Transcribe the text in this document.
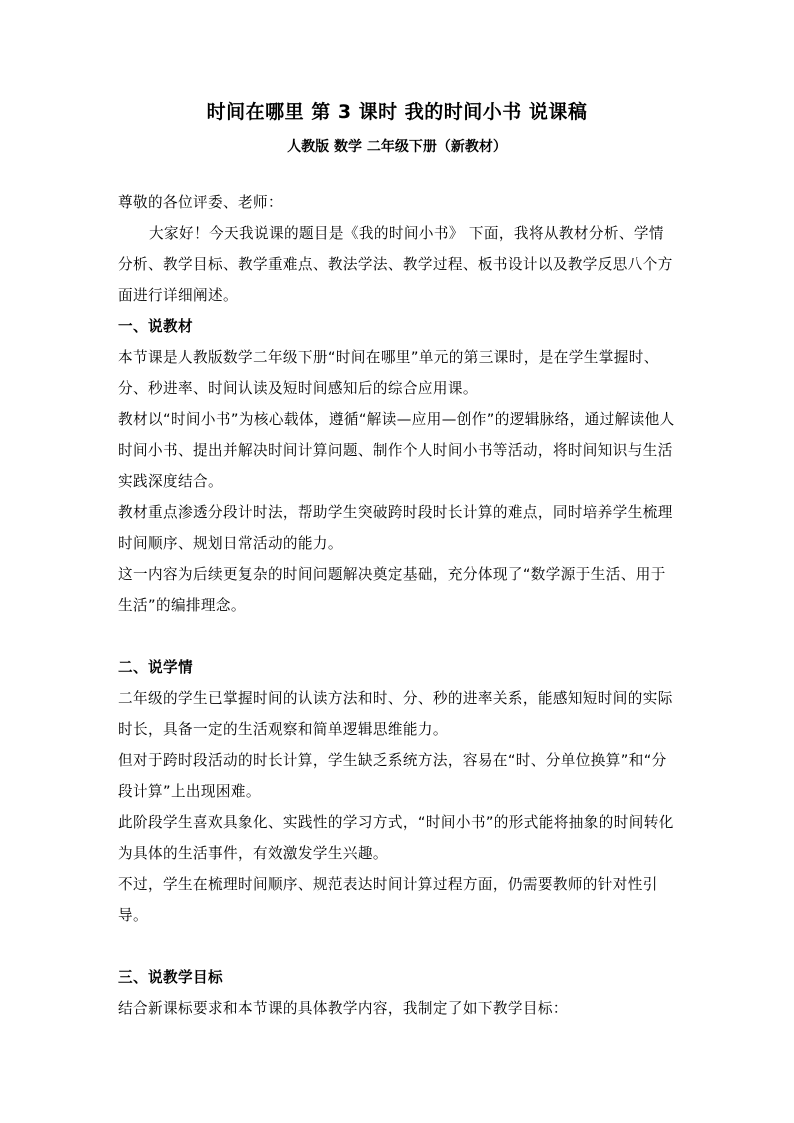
时间在哪里 第 3 课时 我的时间小书 说课稿
人教版 数学 二年级下册（新教材）

尊敬的各位评委、老师：

大家好！今天我说课的题目是《我的时间小书》 下面，我将从教材分析、学情分析、教学目标、教学重难点、教法学法、教学过程、板书设计以及教学反思八个方面进行详细阐述。

一、说教材

本节课是人教版数学二年级下册“时间在哪里”单元的第三课时，是在学生掌握时、分、秒进率、时间认读及短时间感知后的综合应用课。

教材以“时间小书”为核心载体，遵循“解读—应用—创作”的逻辑脉络，通过解读他人时间小书、提出并解决时间计算问题、制作个人时间小书等活动，将时间知识与生活实践深度结合。

教材重点渗透分段计时法，帮助学生突破跨时段时长计算的难点，同时培养学生梳理时间顺序、规划日常活动的能力。

这一内容为后续更复杂的时间问题解决奠定基础，充分体现了“数学源于生活、用于生活”的编排理念。

二、说学情

二年级的学生已掌握时间的认读方法和时、分、秒的进率关系，能感知短时间的实际时长，具备一定的生活观察和简单逻辑思维能力。

但对于跨时段活动的时长计算，学生缺乏系统方法，容易在“时、分单位换算”和“分段计算”上出现困难。

此阶段学生喜欢具象化、实践性的学习方式，“时间小书”的形式能将抽象的时间转化为具体的生活事件，有效激发学生兴趣。

不过，学生在梳理时间顺序、规范表达时间计算过程方面，仍需要教师的针对性引导。

三、说教学目标

结合新课标要求和本节课的具体教学内容，我制定了如下教学目标：
